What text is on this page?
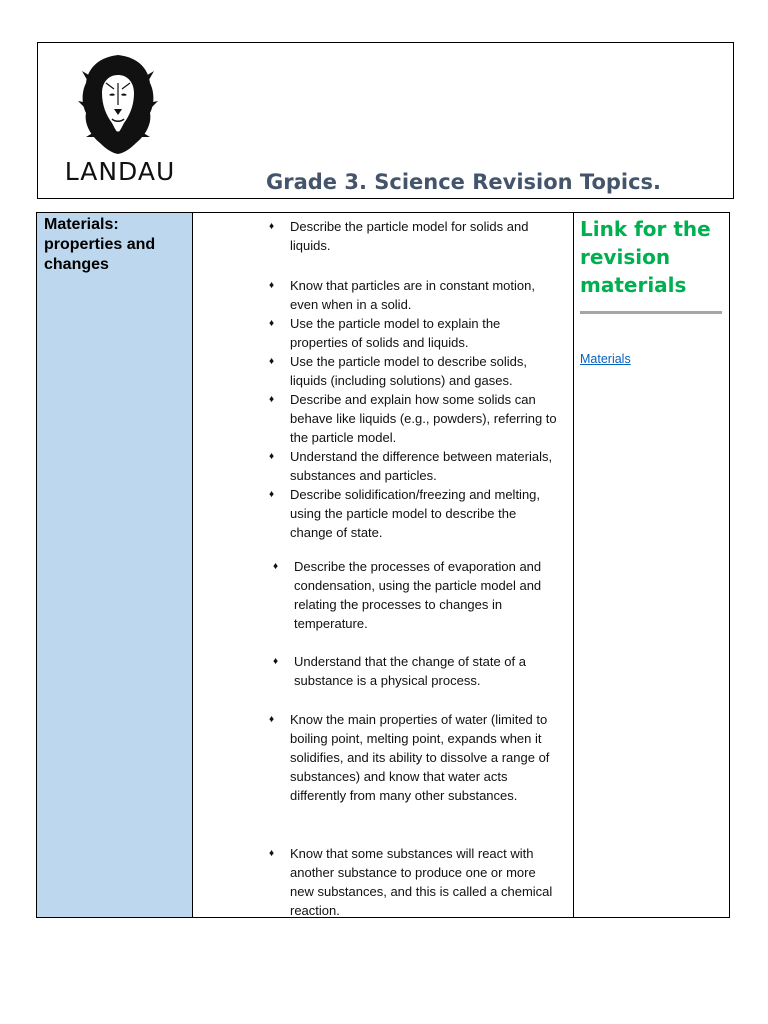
LANDAU	Grade 3. Science Revision Topics.
Materials: properties and changes
♦ Describe the particle model for solids and liquids.
♦ Know that particles are in constant motion, even when in a solid.
♦ Use the particle model to explain the properties of solids and liquids.
♦ Use the particle model to describe solids, liquids (including solutions) and gases.
♦ Describe and explain how some solids can behave like liquids (e.g., powders), referring to the particle model.
♦ Understand the difference between materials, substances and particles.
♦ Describe solidification/freezing and melting, using the particle model to describe the change of state.
♦ Describe the processes of evaporation and condensation, using the particle model and relating the processes to changes in temperature.
♦ Understand that the change of state of a substance is a physical process.
♦ Know the main properties of water (limited to boiling point, melting point, expands when it solidifies, and its ability to dissolve a range of substances) and know that water acts differently from many other substances.
♦ Know that some substances will react with another substance to produce one or more new substances, and this is called a chemical reaction.
Link for the revision materials
Materials
